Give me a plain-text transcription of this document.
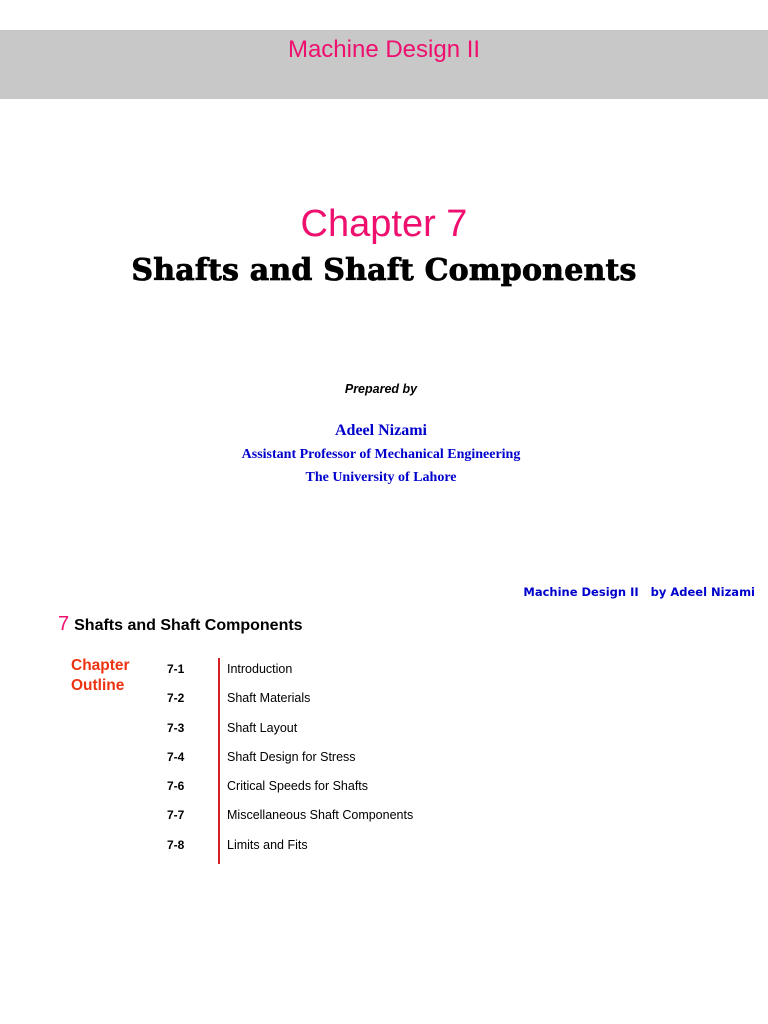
Machine Design II
Chapter 7
Shafts and Shaft Components
Prepared by
Adeel Nizami
Assistant Professor of Mechanical Engineering
The University of Lahore
Machine Design II   by Adeel Nizami
7 Shafts and Shaft Components
Chapter
Outline
7-1	Introduction
7-2	Shaft Materials
7-3	Shaft Layout
7-4	Shaft Design for Stress
7-6	Critical Speeds for Shafts
7-7	Miscellaneous Shaft Components
7-8	Limits and Fits
